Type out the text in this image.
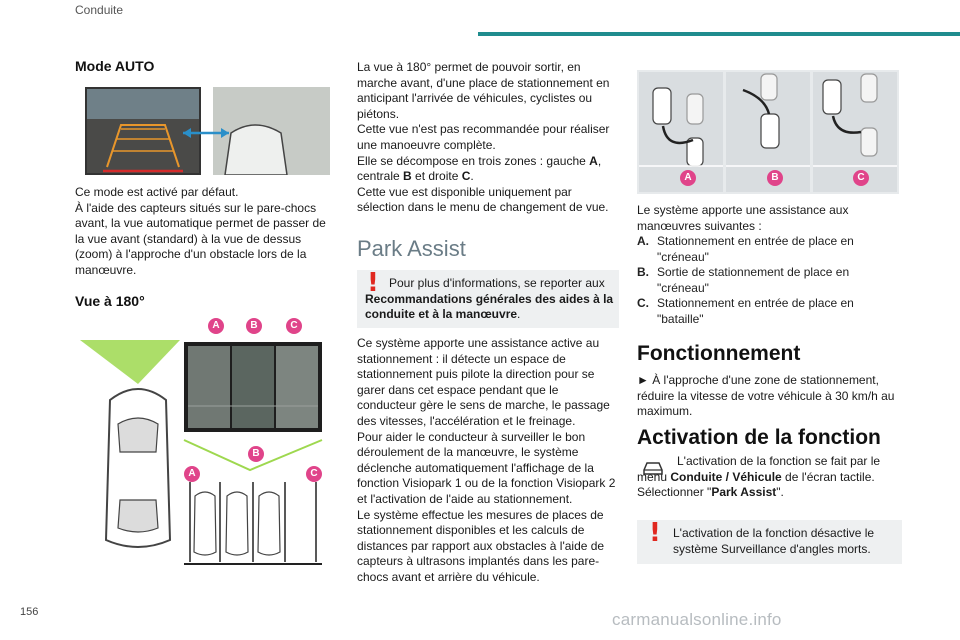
Conduite
Mode AUTO
Ce mode est activé par défaut.
À l'aide des capteurs situés sur le pare-chocs avant, la vue automatique permet de passer de la vue avant (standard) à la vue de dessus (zoom) à l'approche d'un obstacle lors de la manœuvre.
Vue à 180°
A	B	C
B
A	C

La vue à 180° permet de pouvoir sortir, en marche avant, d'une place de stationnement en anticipant l'arrivée de véhicules, cyclistes ou piétons.

Cette vue n'est pas recommandée pour réaliser une manoeuvre complète.

Elle se décompose en trois zones : gauche A, centrale B et droite C.

Cette vue est disponible uniquement par sélection dans le menu de changement de vue.

Park Assist
! Pour plus d'informations, se reporter aux Recommandations générales des aides à la conduite et à la manœuvre.
Ce système apporte une assistance active au stationnement : il détecte un espace de stationnement puis pilote la direction pour se garer dans cet espace pendant que le conducteur gère le sens de marche, le passage des vitesses, l'accélération et le freinage.
Pour aider le conducteur à surveiller le bon déroulement de la manœuvre, le système déclenche automatiquement l'affichage de la fonction Visiopark 1 ou de la fonction Visiopark 2 et l'activation de l'aide au stationnement.
Le système effectue les mesures de places de stationnement disponibles et les calculs de distances par rapport aux obstacles à l'aide de capteurs à ultrasons implantés dans les pare-chocs avant et arrière du véhicule.
A	B	C
Le système apporte une assistance aux manœuvres suivantes :
A. Stationnement en entrée de place en "créneau"
B. Sortie de stationnement de place en "créneau"
C. Stationnement en entrée de place en "bataille"
Fonctionnement
► À l'approche d'une zone de stationnement, réduire la vitesse de votre véhicule à 30 km/h au maximum.
Activation de la fonction

L'activation de la fonction se fait par le menu Conduite / Véhicule de l'écran tactile.

Sélectionner "Park Assist".

! L'activation de la fonction désactive le système Surveillance d'angles morts.
156	carmanualsonline.info
